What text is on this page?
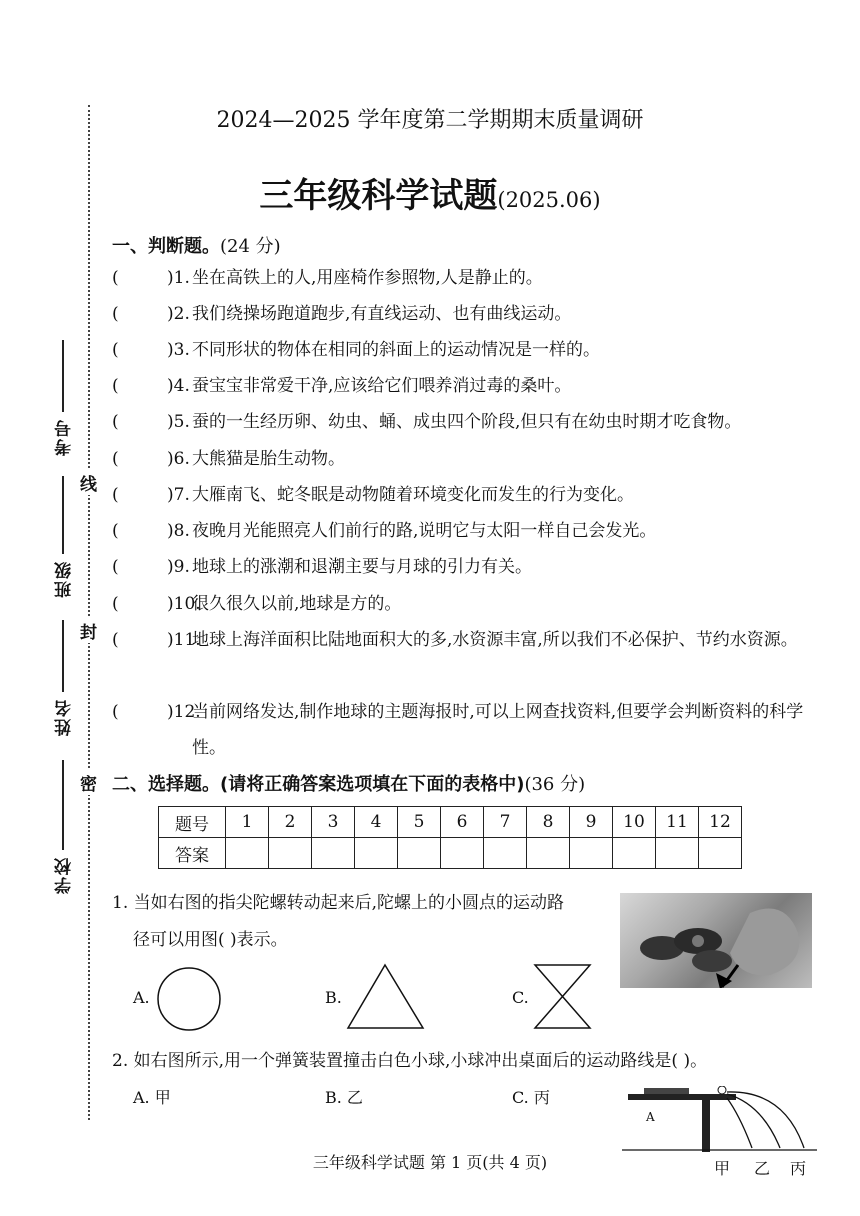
线
封
密
考号
班级
姓名
学校
2024—2025 学年度第二学期期末质量调研
三年级科学试题(2025.06)
一、判断题。(24 分)
(	)1. 坐在高铁上的人,用座椅作参照物,人是静止的。
(	)2. 我们绕操场跑道跑步,有直线运动、也有曲线运动。
(	)3. 不同形状的物体在相同的斜面上的运动情况是一样的。
(	)4. 蚕宝宝非常爱干净,应该给它们喂养消过毒的桑叶。
(	)5. 蚕的一生经历卵、幼虫、蛹、成虫四个阶段,但只有在幼虫时期才吃食物。
(	)6. 大熊猫是胎生动物。
(	)7. 大雁南飞、蛇冬眠是动物随着环境变化而发生的行为变化。
(	)8. 夜晚月光能照亮人们前行的路,说明它与太阳一样自己会发光。
(	)9. 地球上的涨潮和退潮主要与月球的引力有关。
(	)10.
很久很久以前,地球是方的。
(	)11.
地球上海洋面积比陆地面积大的多,水资源丰富,所以我们不必保护、节约水资源。
(	)12.
当前网络发达,制作地球的主题海报时,可以上网查找资料,但要学会判断资料的科学性。
二、选择题。(请将正确答案选项填在下面的表格中)(36 分)
题号	1	2	3	4	5	6	7	8	9	10	11	12
答案												
1. 当如右图的指尖陀螺转动起来后,陀螺上的小圆点的运动路
径可以用图( )表示。
A.	B.	C.
2. 如右图所示,用一个弹簧装置撞击白色小球,小球冲出桌面后的运动路线是( )。
A. 甲	B. 乙	C. 丙
A
甲 乙 丙
三年级科学试题 第 1 页(共 4 页)
